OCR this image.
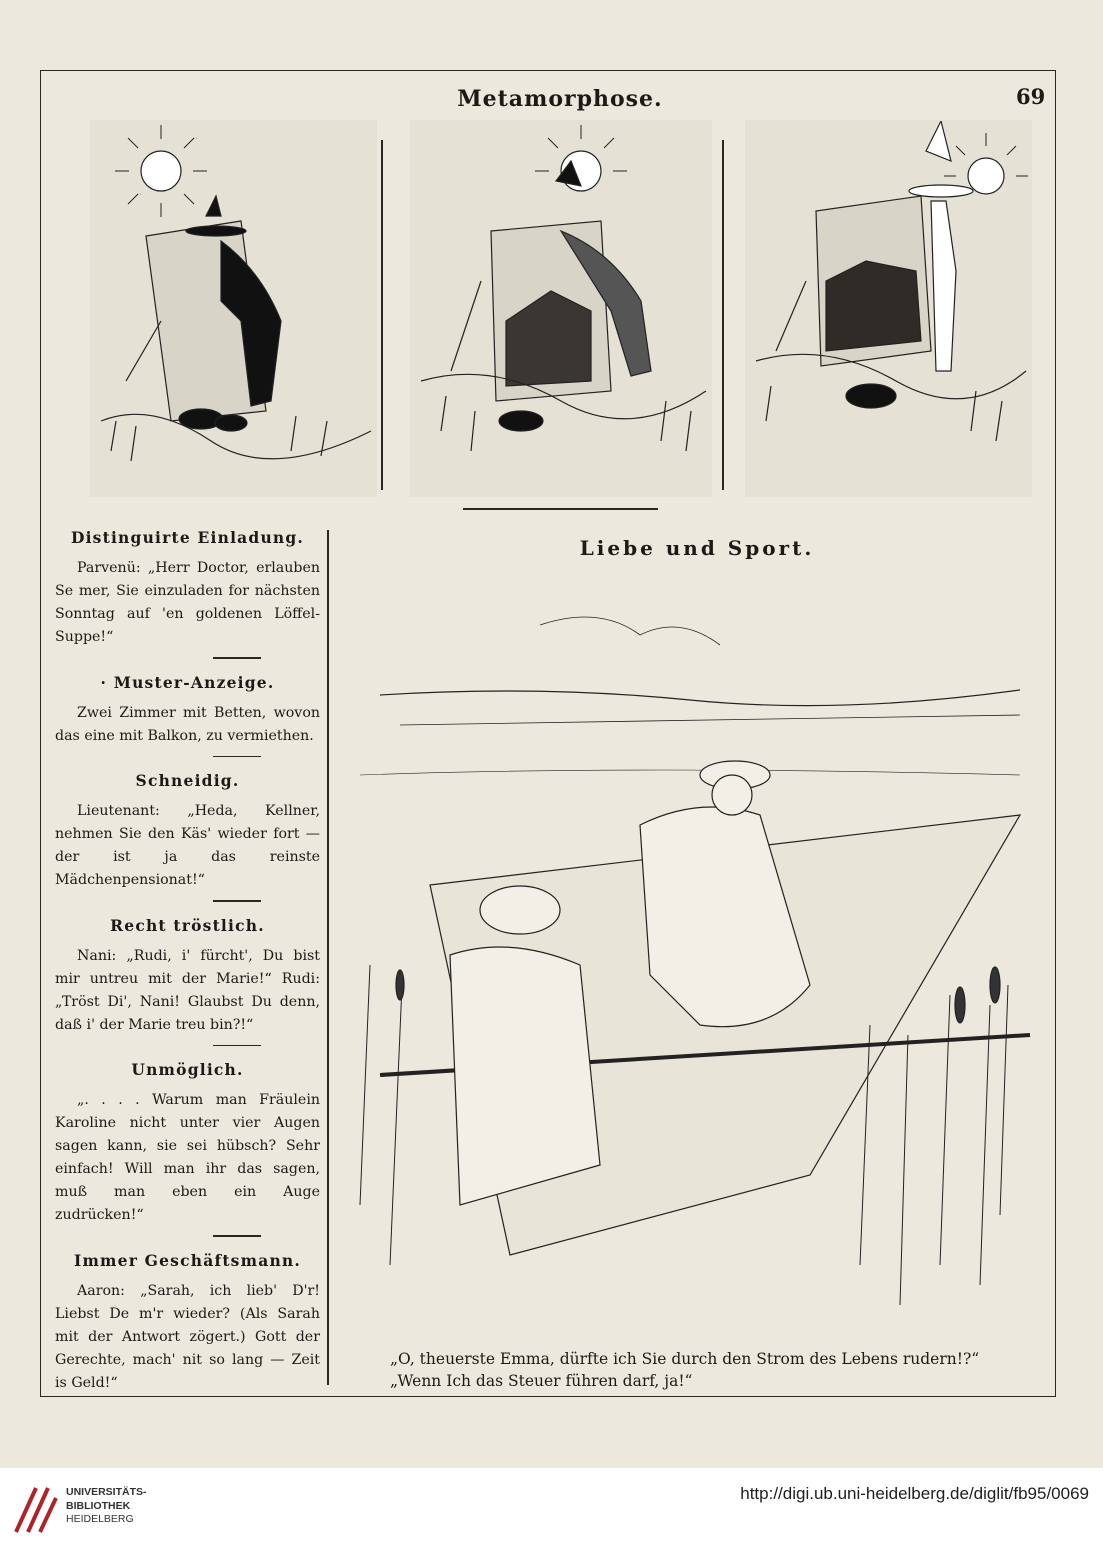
Metamorphose.	69
Distinguirte Einladung.

Parvenü: „Herr Doctor, erlauben Se mer, Sie einzuladen for nächsten Sonntag auf 'en goldenen Löffel-Suppe!“

· Muster-Anzeige.

Zwei Zimmer mit Betten, wovon das eine mit Balkon, zu vermiethen.

Schneidig.

Lieutenant: „Heda, Kellner, nehmen Sie den Käs' wieder fort — der ist ja das reinste Mädchenpensionat!“

Recht tröstlich.

Nani: „Rudi, i' fürcht', Du bist mir untreu mit der Marie!“ Rudi: „Tröst Di', Nani! Glaubst Du denn, daß i' der Marie treu bin?!“

Unmöglich.

„. . . . Warum man Fräulein Karoline nicht unter vier Augen sagen kann, sie sei hübsch? Sehr einfach! Will man ihr das sagen, muß man eben ein Auge zudrücken!“

Immer Geschäftsmann.

Aaron: „Sarah, ich lieb' D'r! Liebst De m'r wieder? (Als Sarah mit der Antwort zögert.) Gott der Gerechte, mach' nit so lang — Zeit is Geld!“

Liebe und Sport.
„O, theuerste Emma, dürfte ich Sie durch den Strom des Lebens rudern!?“
„Wenn Ich das Steuer führen darf, ja!“
UNIVERSITÄTS-
BIBLIOTHEK
HEIDELBERG
http://digi.ub.uni-heidelberg.de/diglit/fb95/0069
